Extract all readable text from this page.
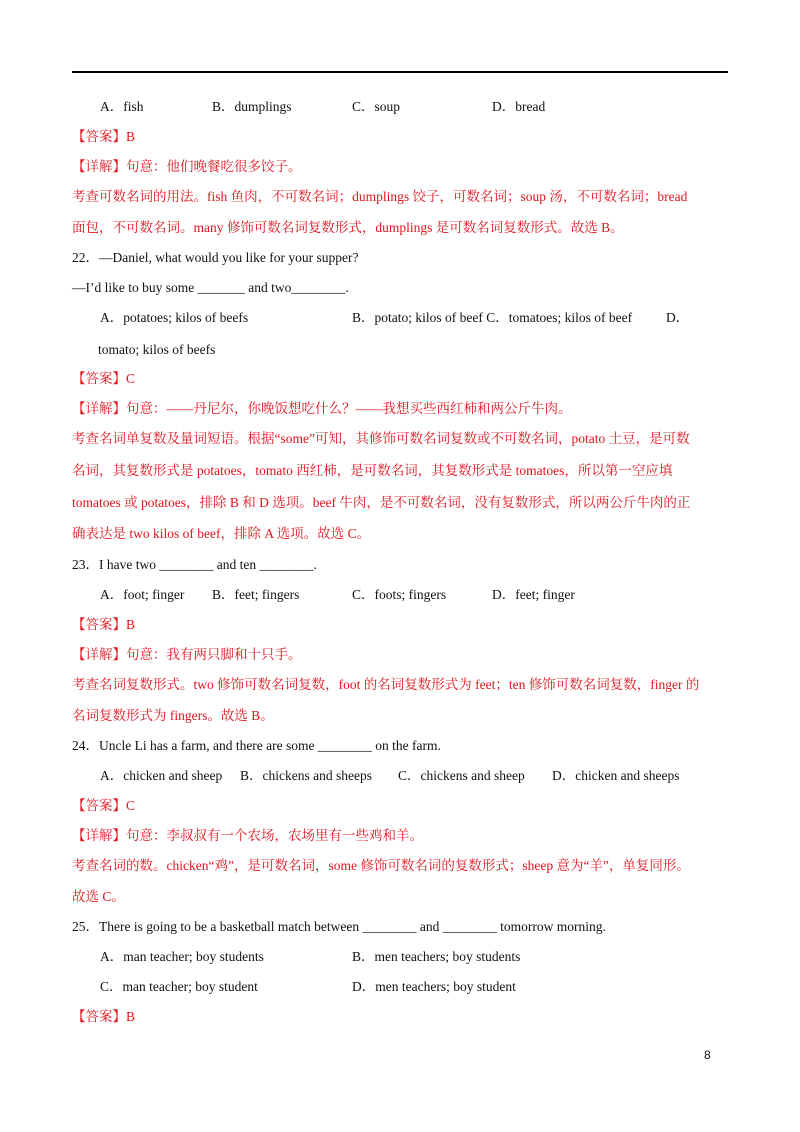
A．fish	B．dumplings	C．soup	D．bread
【答案】B
【详解】句意：他们晚餐吃很多饺子。
考查可数名词的用法。fish 鱼肉，不可数名词；dumplings 饺子，可数名词；soup 汤，不可数名词；bread
面包，不可数名词。many 修饰可数名词复数形式，dumplings 是可数名词复数形式。故选 B。
22．—Daniel, what would you like for your supper?
—I’d like to buy some _______ and two________.
A．potatoes; kilos of beefs	B．potato; kilos of beef C．tomatoes; kilos of beef	D．
tomato; kilos of beefs
【答案】C
【详解】句意：——丹尼尔，你晚饭想吃什么？——我想买些西红柿和两公斤牛肉。
考查名词单复数及量词短语。根据“some”可知，其修饰可数名词复数或不可数名词，potato 土豆，是可数
名词，其复数形式是 potatoes，tomato 西红柿，是可数名词，其复数形式是 tomatoes，所以第一空应填
tomatoes 或 potatoes，排除 B 和 D 选项。beef 牛肉，是不可数名词，没有复数形式，所以两公斤牛肉的正
确表达是 two kilos of beef，排除 A 选项。故选 C。
23．I have two ________ and ten ________.
A．foot; finger B．feet; fingers	C．foots; fingers	D．feet; finger
【答案】B
【详解】句意：我有两只脚和十只手。
考查名词复数形式。two 修饰可数名词复数，foot 的名词复数形式为 feet；ten 修饰可数名词复数，finger 的
名词复数形式为 fingers。故选 B。
24．Uncle Li has a farm, and there are some ________ on the farm.
A．chicken and sheep B．chickens and sheeps C．chickens and sheep D．chicken and sheeps
【答案】C
【详解】句意：李叔叔有一个农场，农场里有一些鸡和羊。
考查名词的数。chicken“鸡”，是可数名词，some 修饰可数名词的复数形式；sheep 意为“羊”，单复同形。
故选 C。
25．There is going to be a basketball match between ________ and ________ tomorrow morning.
A．man teacher; boy students	B．men teachers; boy students
C．man teacher; boy student	D．men teachers; boy student
【答案】B
8
